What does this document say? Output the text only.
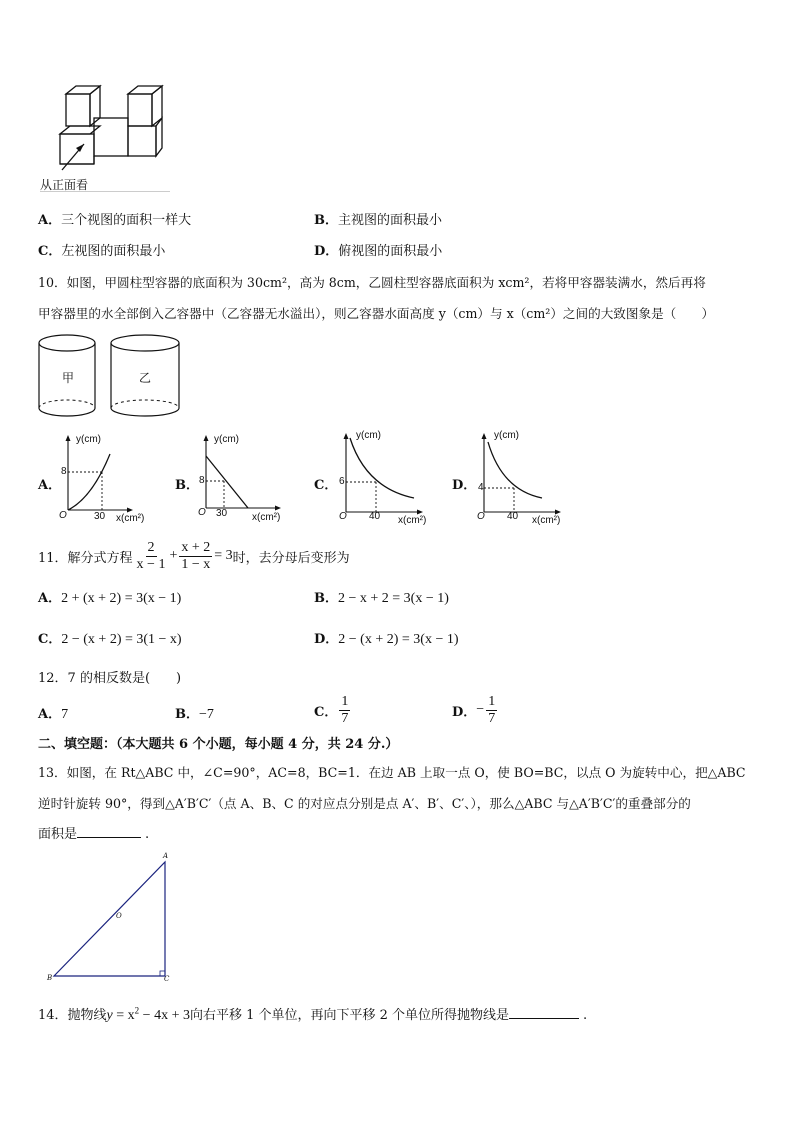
从正面看
A．三个视图的面积一样大	B．主视图的面积最小
C．左视图的面积最小	D．俯视图的面积最小
10．如图，甲圆柱型容器的底面积为 30cm²，高为 8cm，乙圆柱型容器底面积为 xcm²，若将甲容器装满水，然后再将
甲容器里的水全部倒入乙容器中（乙容器无水溢出），则乙容器水面高度 y（cm）与 x（cm²）之间的大致图象是（　　）
甲	乙
A．
y(cm)
8
O	30 x(cm²)
B．
y(cm)
8
O 30 x(cm²)
C．
y(cm)
6
O 40 x(cm²)
D．
y(cm)
4
O 40 x(cm²)
11．解分式方程 $\frac{2}{x - 1} + \frac{x + 2}{1 - x} = 3$ 时，去分母后变形为
A．2 + (x + 2) = 3(x − 1)	B．2 − x + 2 = 3(x − 1)
C．2 − (x + 2) = 3(1 − x)	D．2 − (x + 2) = 3(x − 1)
12．7 的相反数是(　　)
A．7	B．−7	C． $\frac{1}{7}$	D． − $\frac{1}{7}$
二、填空题：（本大题共 6 个小题，每小题 4 分，共 24 分.）
13．如图，在 Rt△ABC 中，∠C=90°，AC=8，BC=1．在边 AB 上取一点 O，使 BO=BC，以点 O 为旋转中心，把△ABC
逆时针旋转 90°，得到△A′B′C′（点 A、B、C 的对应点分别是点 A′、B′、C′、），那么△ABC 与△A′B′C′的重叠部分的
面积是	.
A
B	C
O
14．抛物线$y = x^2 - 4x + 3$向右平移 1 个单位，再向下平移 2 个单位所得抛物线是	.
